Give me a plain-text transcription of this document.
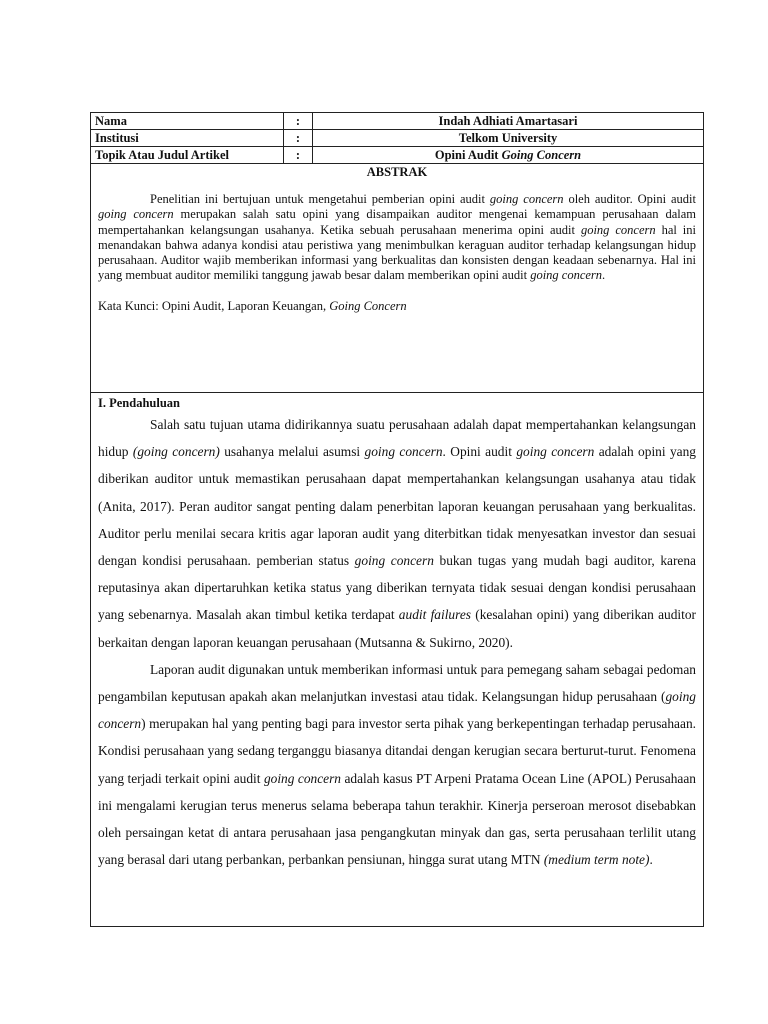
Nama	:	Indah Adhiati Amartasari
Institusi	:	Telkom University
Topik Atau Judul Artikel	:	Opini Audit Going Concern

ABSTRAK

Penelitian ini bertujuan untuk mengetahui pemberian opini audit going concern oleh auditor. Opini audit going concern merupakan salah satu opini yang disampaikan auditor mengenai kemampuan perusahaan dalam mempertahankan kelangsungan usahanya. Ketika sebuah perusahaan menerima opini audit going concern hal ini menandakan bahwa adanya kondisi atau peristiwa yang menimbulkan keraguan auditor terhadap kelangsungan hidup perusahaan. Auditor wajib memberikan informasi yang berkualitas dan konsisten dengan keadaan sebenarnya. Hal ini yang membuat auditor memiliki tanggung jawab besar dalam memberikan opini audit going concern.

Kata Kunci: Opini Audit, Laporan Keuangan, Going Concern

I. Pendahuluan

Salah satu tujuan utama didirikannya suatu perusahaan adalah dapat mempertahankan kelangsungan hidup (going concern) usahanya melalui asumsi going concern. Opini audit going concern adalah opini yang diberikan auditor untuk memastikan perusahaan dapat mempertahankan kelangsungan usahanya atau tidak (Anita, 2017). Peran auditor sangat penting dalam penerbitan laporan keuangan perusahaan yang berkualitas. Auditor perlu menilai secara kritis agar laporan audit yang diterbitkan tidak menyesatkan investor dan sesuai dengan kondisi perusahaan. pemberian status going concern bukan tugas yang mudah bagi auditor, karena reputasinya akan dipertaruhkan ketika status yang diberikan ternyata tidak sesuai dengan kondisi perusahaan yang sebenarnya. Masalah akan timbul ketika terdapat audit failures (kesalahan opini) yang diberikan auditor berkaitan dengan laporan keuangan perusahaan (Mutsanna & Sukirno, 2020).

Laporan audit digunakan untuk memberikan informasi untuk para pemegang saham sebagai pedoman pengambilan keputusan apakah akan melanjutkan investasi atau tidak. Kelangsungan hidup perusahaan (going concern) merupakan hal yang penting bagi para investor serta pihak yang berkepentingan terhadap perusahaan. Kondisi perusahaan yang sedang terganggu biasanya ditandai dengan kerugian secara berturut-turut. Fenomena yang terjadi terkait opini audit going concern adalah kasus PT Arpeni Pratama Ocean Line (APOL) Perusahaan ini mengalami kerugian terus menerus selama beberapa tahun terakhir. Kinerja perseroan merosot disebabkan oleh persaingan ketat di antara perusahaan jasa pengangkutan minyak dan gas, serta perusahaan terlilit utang yang berasal dari utang perbankan, perbankan pensiunan, hingga surat utang MTN (medium term note).
